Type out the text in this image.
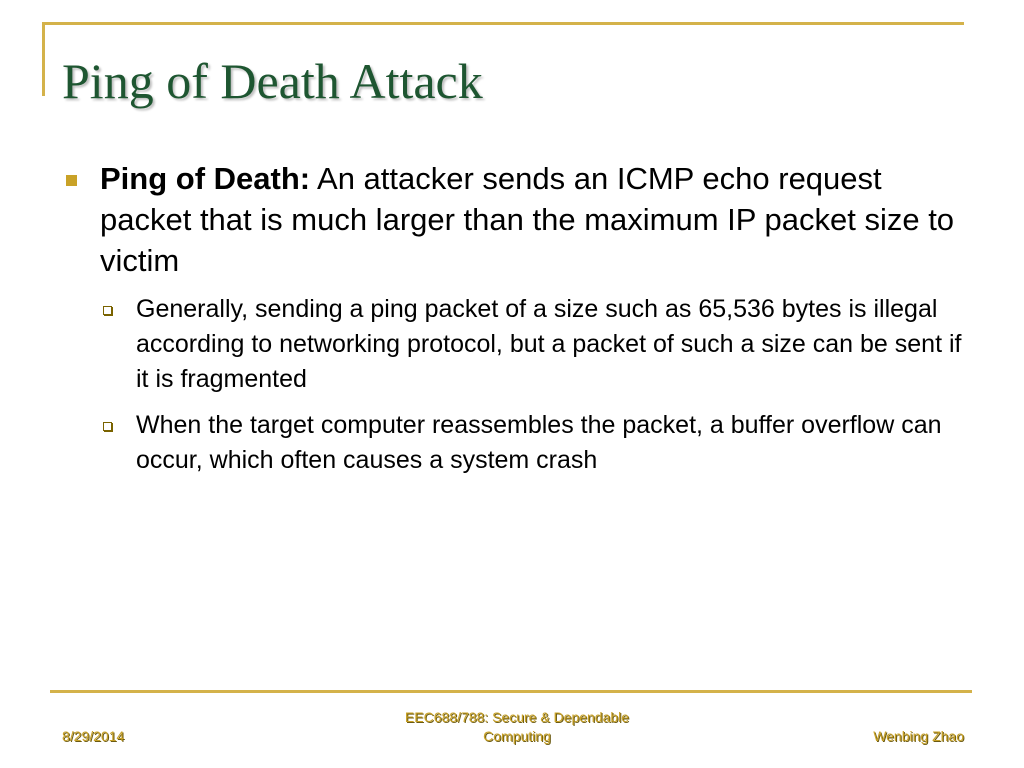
Ping of Death Attack
Ping of Death: An attacker sends an ICMP echo request packet that is much larger than the maximum IP packet size to victim
Generally, sending a ping packet of a size such as 65,536 bytes is illegal according to networking protocol, but a packet of such a size can be sent if it is fragmented
When the target computer reassembles the packet, a buffer overflow can occur, which often causes a system crash
8/29/2014
EEC688/788: Secure & Dependable
Computing	Wenbing Zhao
